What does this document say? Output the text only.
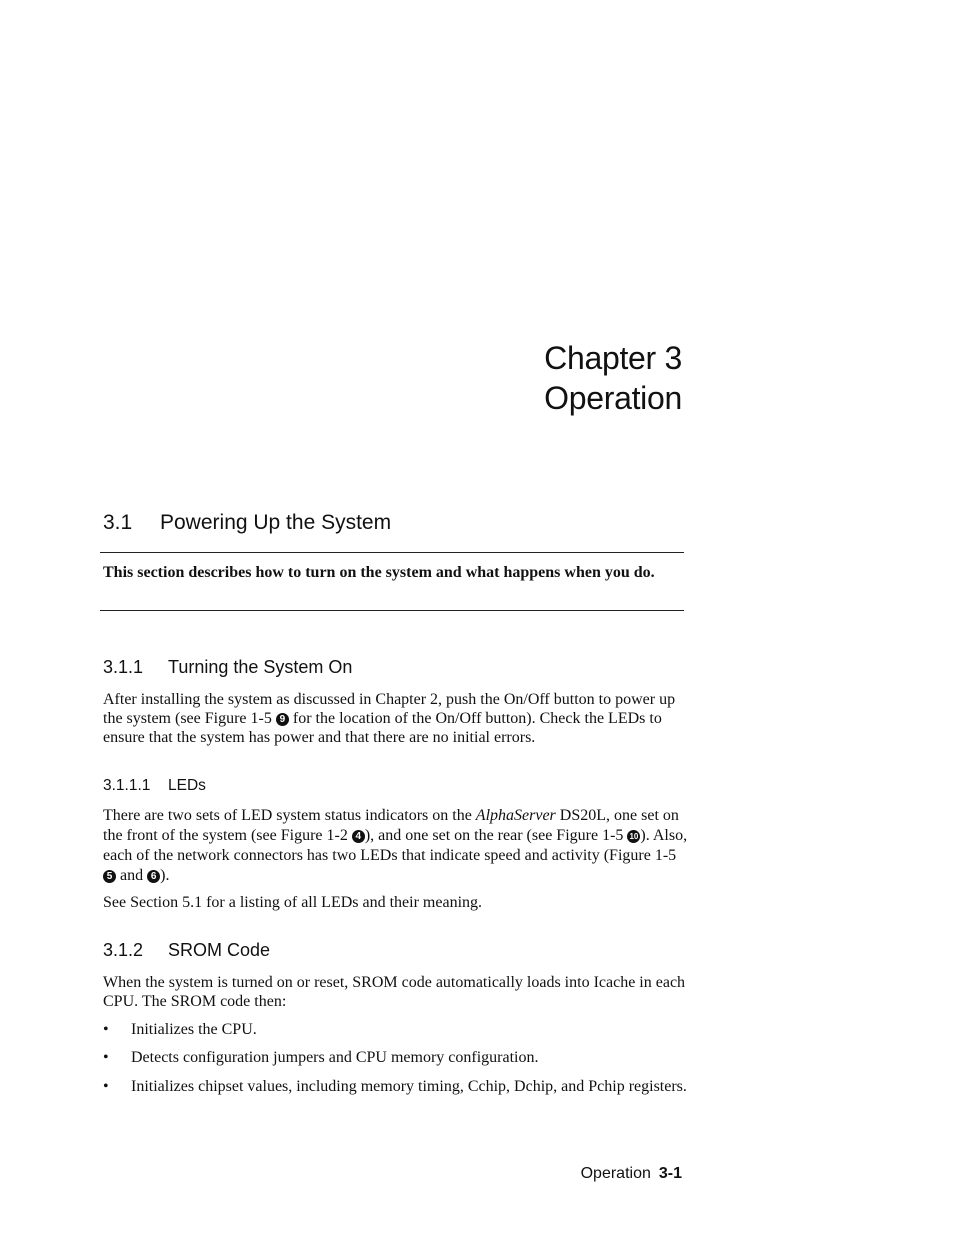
Chapter 3
Operation
3.1 Powering Up the System

This section describes how to turn on the system and what happens when you do.

3.1.1 Turning the System On

After installing the system as discussed in Chapter 2, push the On/Off button to power up the system (see Figure 1-5 9 for the location of the On/Off button). Check the LEDs to ensure that the system has power and that there are no initial errors.

3.1.1.1 LEDs

There are two sets of LED system status indicators on the AlphaServer DS20L, one set on the front of the system (see Figure 1-2 4 ), and one set on the rear (see Figure 1-5 10 ). Also, each of the network connectors has two LEDs that indicate speed and activity (Figure 1-5 5 and 6 ).

See Section 5.1 for a listing of all LEDs and their meaning.

3.1.2 SROM Code

When the system is turned on or reset, SROM code automatically loads into Icache in each CPU. The SROM code then:

• Initializes the CPU.
• Detects configuration jumpers and CPU memory configuration.
• Initializes chipset values, including memory timing, Cchip, Dchip, and Pchip registers.
Operation 3-1
